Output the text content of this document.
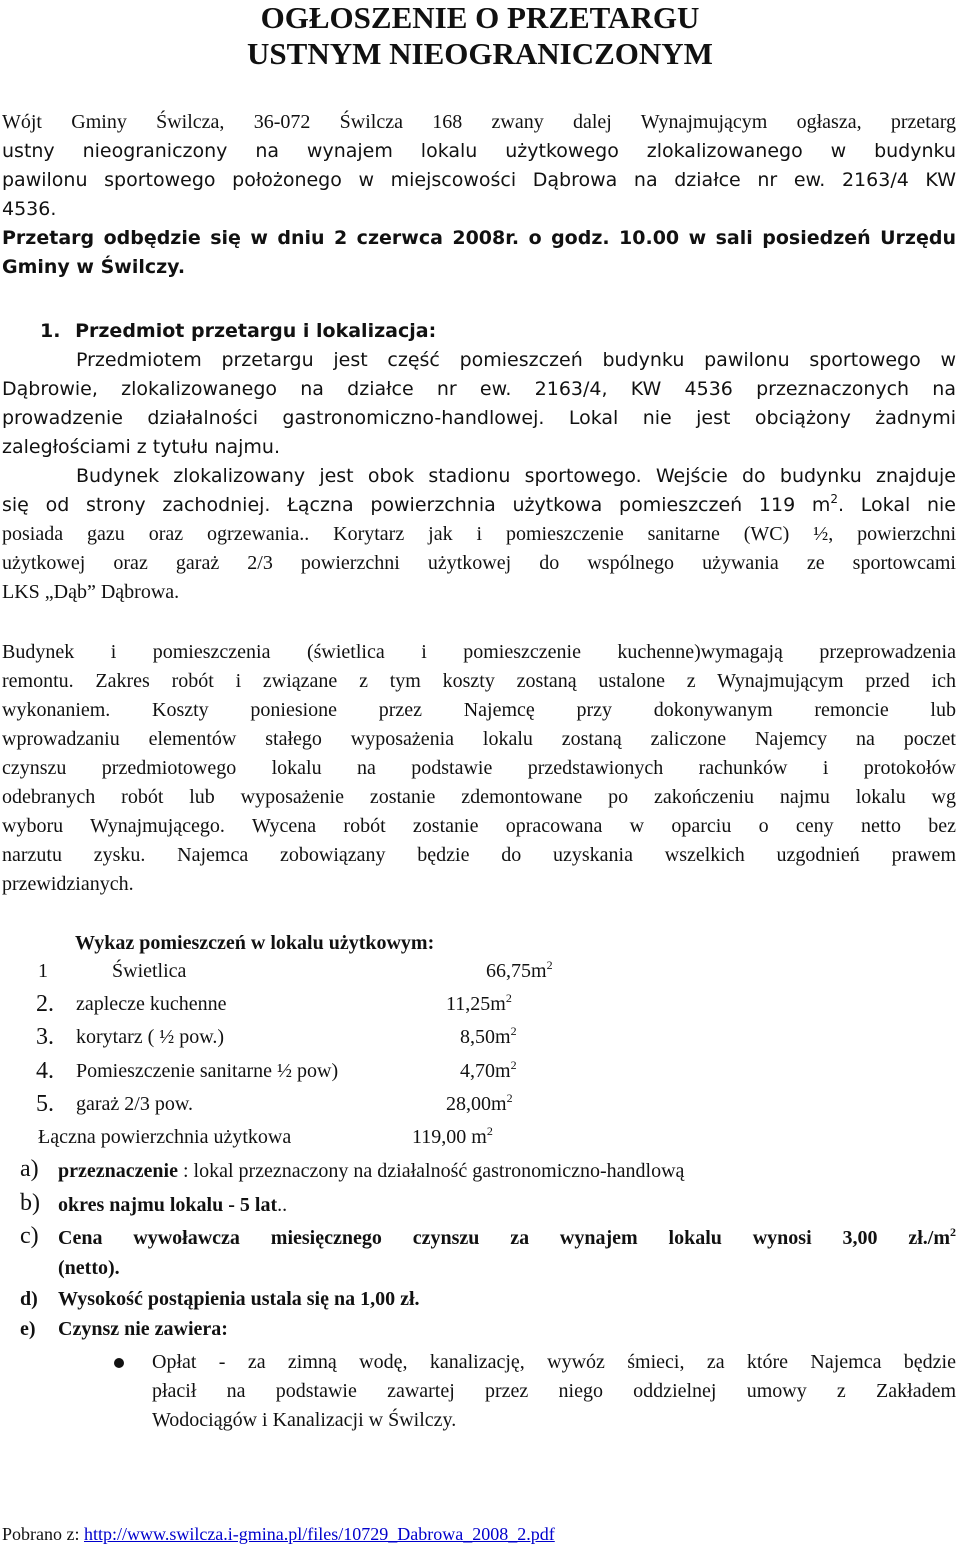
OGŁOSZENIE O PRZETARGU
USTNYM NIEOGRANICZONYM
Wójt Gminy Świlcza, 36-072 Świlcza 168 zwany dalej Wynajmującym ogłasza, przetarg
ustny nieograniczony na wynajem lokalu użytkowego zlokalizowanego w budynku
pawilonu sportowego położonego w miejscowości Dąbrowa na działce nr ew. 2163/4 KW
4536.
Przetarg odbędzie się w dniu 2 czerwca 2008r. o godz. 10.00 w sali posiedzeń Urzędu
Gminy w Świlczy.
1. Przedmiot przetargu i lokalizacja:
Przedmiotem przetargu jest część pomieszczeń budynku pawilonu sportowego w
Dąbrowie, zlokalizowanego na działce nr ew. 2163/4, KW 4536 przeznaczonych na
prowadzenie działalności gastronomiczno-handlowej. Lokal nie jest obciążony żadnymi
zaległościami z tytułu najmu.
Budynek zlokalizowany jest obok stadionu sportowego. Wejście do budynku znajduje
się od strony zachodniej. Łączna powierzchnia użytkowa pomieszczeń 119 $m^2$. Lokal nie
posiada gazu oraz ogrzewania.. Korytarz jak i pomieszczenie sanitarne (WC) ½, powierzchni
użytkowej oraz garaż 2/3 powierzchni użytkowej do wspólnego używania ze sportowcami
LKS „Dąb” Dąbrowa.
Budynek i pomieszczenia (świetlica i pomieszczenie kuchenne)wymagają przeprowadzenia
remontu. Zakres robót i związane z tym koszty zostaną ustalone z Wynajmującym przed ich
wykonaniem. Koszty poniesione przez Najemcę przy dokonywanym remoncie lub
wprowadzaniu elementów stałego wyposażenia lokalu zostaną zaliczone Najemcy na poczet
czynszu przedmiotowego lokalu na podstawie przedstawionych rachunków i protokołów
odebranych robót lub wyposażenie zostanie zdemontowane po zakończeniu najmu lokalu wg
wyboru Wynajmującego. Wycena robót zostanie opracowana w oparciu o ceny netto bez
narzutu zysku. Najemca zobowiązany będzie do uzyskania wszelkich uzgodnień prawem
przewidzianych.
Wykaz pomieszczeń w lokalu użytkowym:
1	Świetlica	$66,75m^2$
2. zaplecze kuchenne	$11,25m^2$
3. korytarz ( ½ pow.)	$8,50m^2$
4. Pomieszczenie sanitarne ½ pow)	$4,70m^2$
5. garaż 2/3 pow.	$28,00m^2$
Łączna powierzchnia użytkowa	119,00 $m^2$
a) przeznaczenie : lokal przeznaczony na działalność gastronomiczno-handlową
b) okres najmu lokalu - 5 lat..
c) Cena wywoławcza miesięcznego czynszu za wynajem lokalu wynosi 3,00 $zł./m^2$
(netto).
d) Wysokość postąpienia ustala się na 1,00 zł.
e) Czynsz nie zawiera:
Opłat - za zimną wodę, kanalizację, wywóz śmieci, za które Najemca będzie
płacił na podstawie zawartej przez niego oddzielnej umowy z Zakładem
Wodociągów i Kanalizacji w Świlczy.
Pobrano z: http://www.swilcza.i-gmina.pl/files/10729_Dabrowa_2008_2.pdf
